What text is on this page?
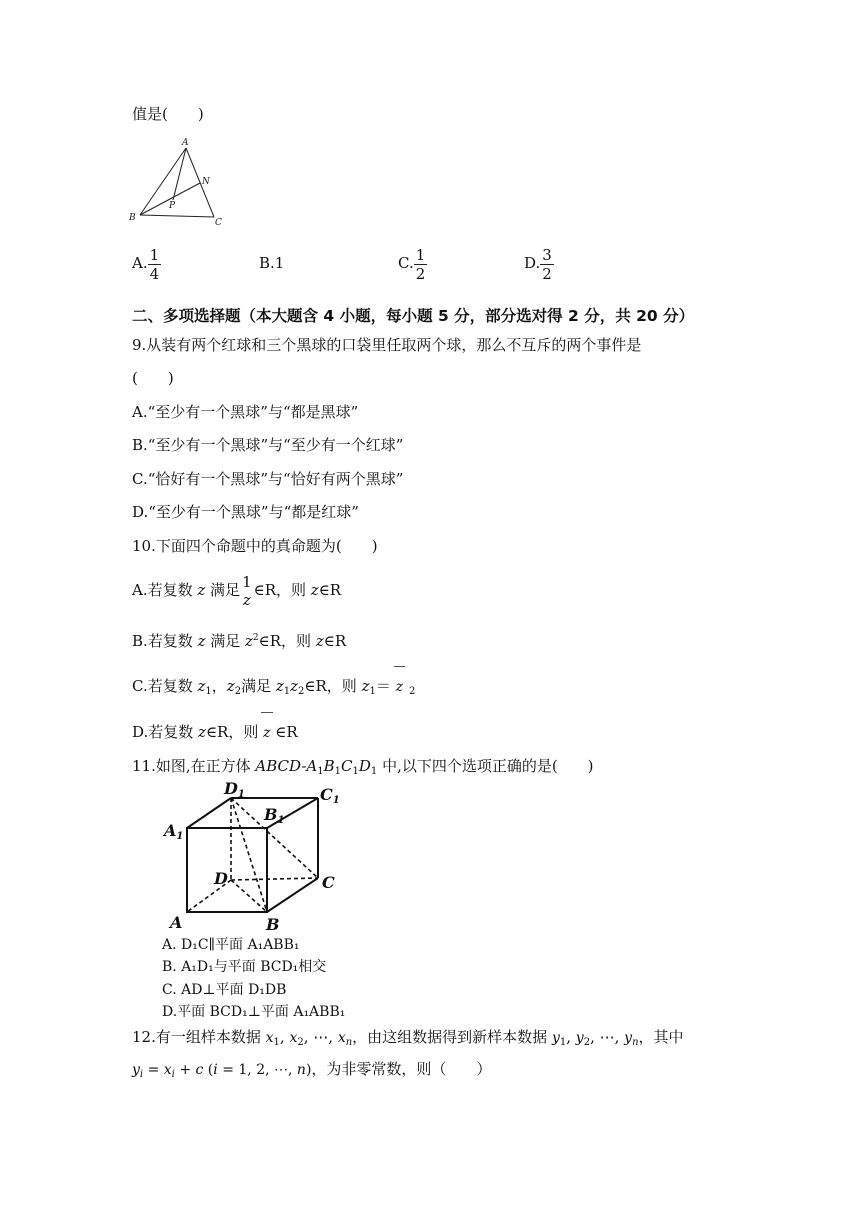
值是(　　)
A
B	C
N
P
A. $\frac{1}{4}$	B.1	C. $\frac{1}{2}$	D. $\frac{3}{2}$
二、多项选择题（本大题含 4 小题，每小题 5 分，部分选对得 2 分，共 20 分）
9.从装有两个红球和三个黑球的口袋里任取两个球，那么不互斥的两个事件是
(　　)
A.“至少有一个黑球”与“都是黑球”
B.“至少有一个黑球”与“至少有一个红球”
C.“恰好有一个黑球”与“恰好有两个黑球”
D.“至少有一个黑球”与“都是红球”
10.下面四个命题中的真命题为(　　)
A.若复数 z 满足 1
z∈R，则 z∈R
B.若复数 z 满足 $z^2\in R$，则 z∈R
C.若复数 $z_1$，$z_2$满足 $z_1z_2\in R$，则 $z_1= z$ $_2$
D.若复数 z∈R，则 z ∈R
11.如图,在正方体 ABCD-$A_1B_1C_1D_1$ 中,以下四个选项正确的是(　　)
D1	C1
A1
B1
D	C
A	B
A. D₁C∥平面 A₁ABB₁
B. A₁D₁与平面 BCD₁相交
C. AD⊥平面 D₁DB
D.平面 BCD₁⊥平面 A₁ABB₁
12.有一组样本数据 $x_1$, $x_2$, ⋯, $x_n$，由这组数据得到新样本数据 $y_1$, $y_2$, ⋯, $y_n$，其中
$y_i = x_i + c$ (i = 1, 2, ⋯, n)，为非零常数，则（　　）
